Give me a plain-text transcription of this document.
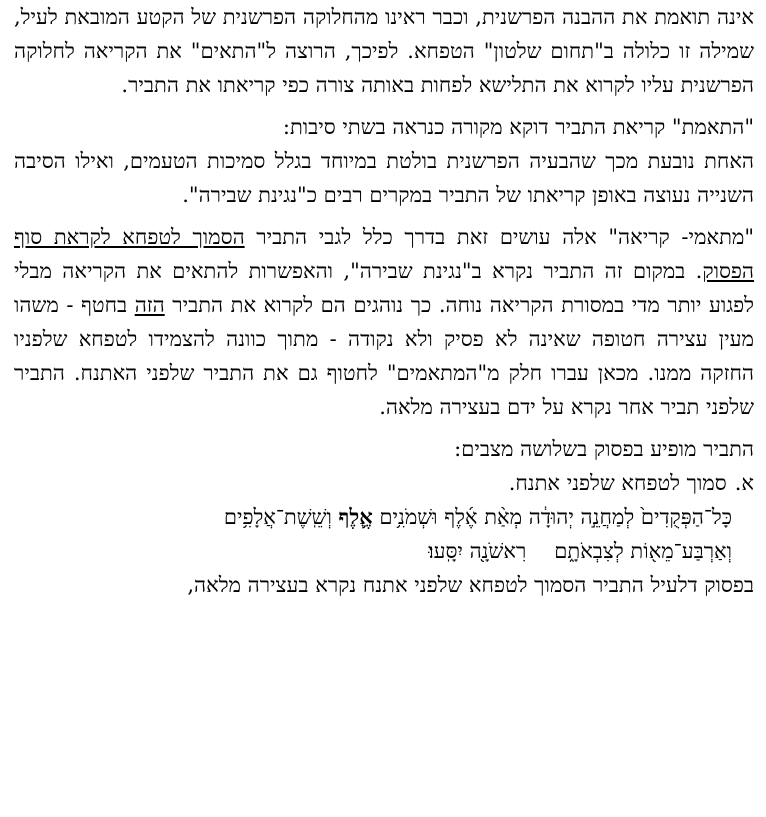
אינה תואמת את ההבנה הפרשנית, וכבר ראינו מהחלוקה הפרשנית של הקטע המובאת לעיל, שמילה זו כלולה ב"תחום שלטון" הטפחא. לפיכך, הרוצה ל"התאים" את הקריאה לחלוקה הפרשנית עליו לקרוא את התלישא לפחות באותה צורה כפי קריאתו את התביר.

"התאמת" קריאת התביר דוקא מקורה כנראה בשתי סיבות:

האחת נובעת מכך שהבעיה הפרשנית בולטת במיוחד בגלל סמיכות הטעמים, ואילו הסיבה השנייה נעוצה באופן קריאתו של התביר במקרים רבים כ"נגינת שבירה".

"מתאמי- קריאה" אלה עושים זאת בדרך כלל לגבי התביר הסמוך לטפחא לקראת סוף הפסוק. במקום זה התביר נקרא ב"נגינת שבירה", והאפשרות להתאים את הקריאה מבלי לפגוע יותר מדי במסורת הקריאה נוחה. כך נוהגים הם לקרוא את התביר הזה בחטף - משהו מעין עצירה חטופה שאינה לא פסיק ולא נקודה - מתוך כוונה להצמידו לטפחא שלפניו החזקה ממנו. מכאן עברו חלק מ"המתאמים" לחטוף גם את התביר שלפני האתנח. התביר שלפני תביר אחר נקרא על ידם בעצירה מלאה.

התביר מופיע בפסוק בשלושה מצבים:

א.
סמוך לטפחא שלפני אתנח.
כָּל־הַפְּקֻדִים֙ לְמַחֲנֵ֣ה יְהוּדָ֔ה מְאַ֨ת אֶ֜לֶף וּשְׁמֹנִ֥ים אֶ֛לֶף וְשֵֽׁשֶׁת־אֲלָפִ֥ים
וְאַרְבַּע־מֵא֖וֹת לְצִבְאֹתָ֑םרִאשֹׁנָ֖ה יִסָּֽעוּ׃

בפסוק דלעיל התביר הסמוך לטפחא שלפני אתנח נקרא בעצירה מלאה,
